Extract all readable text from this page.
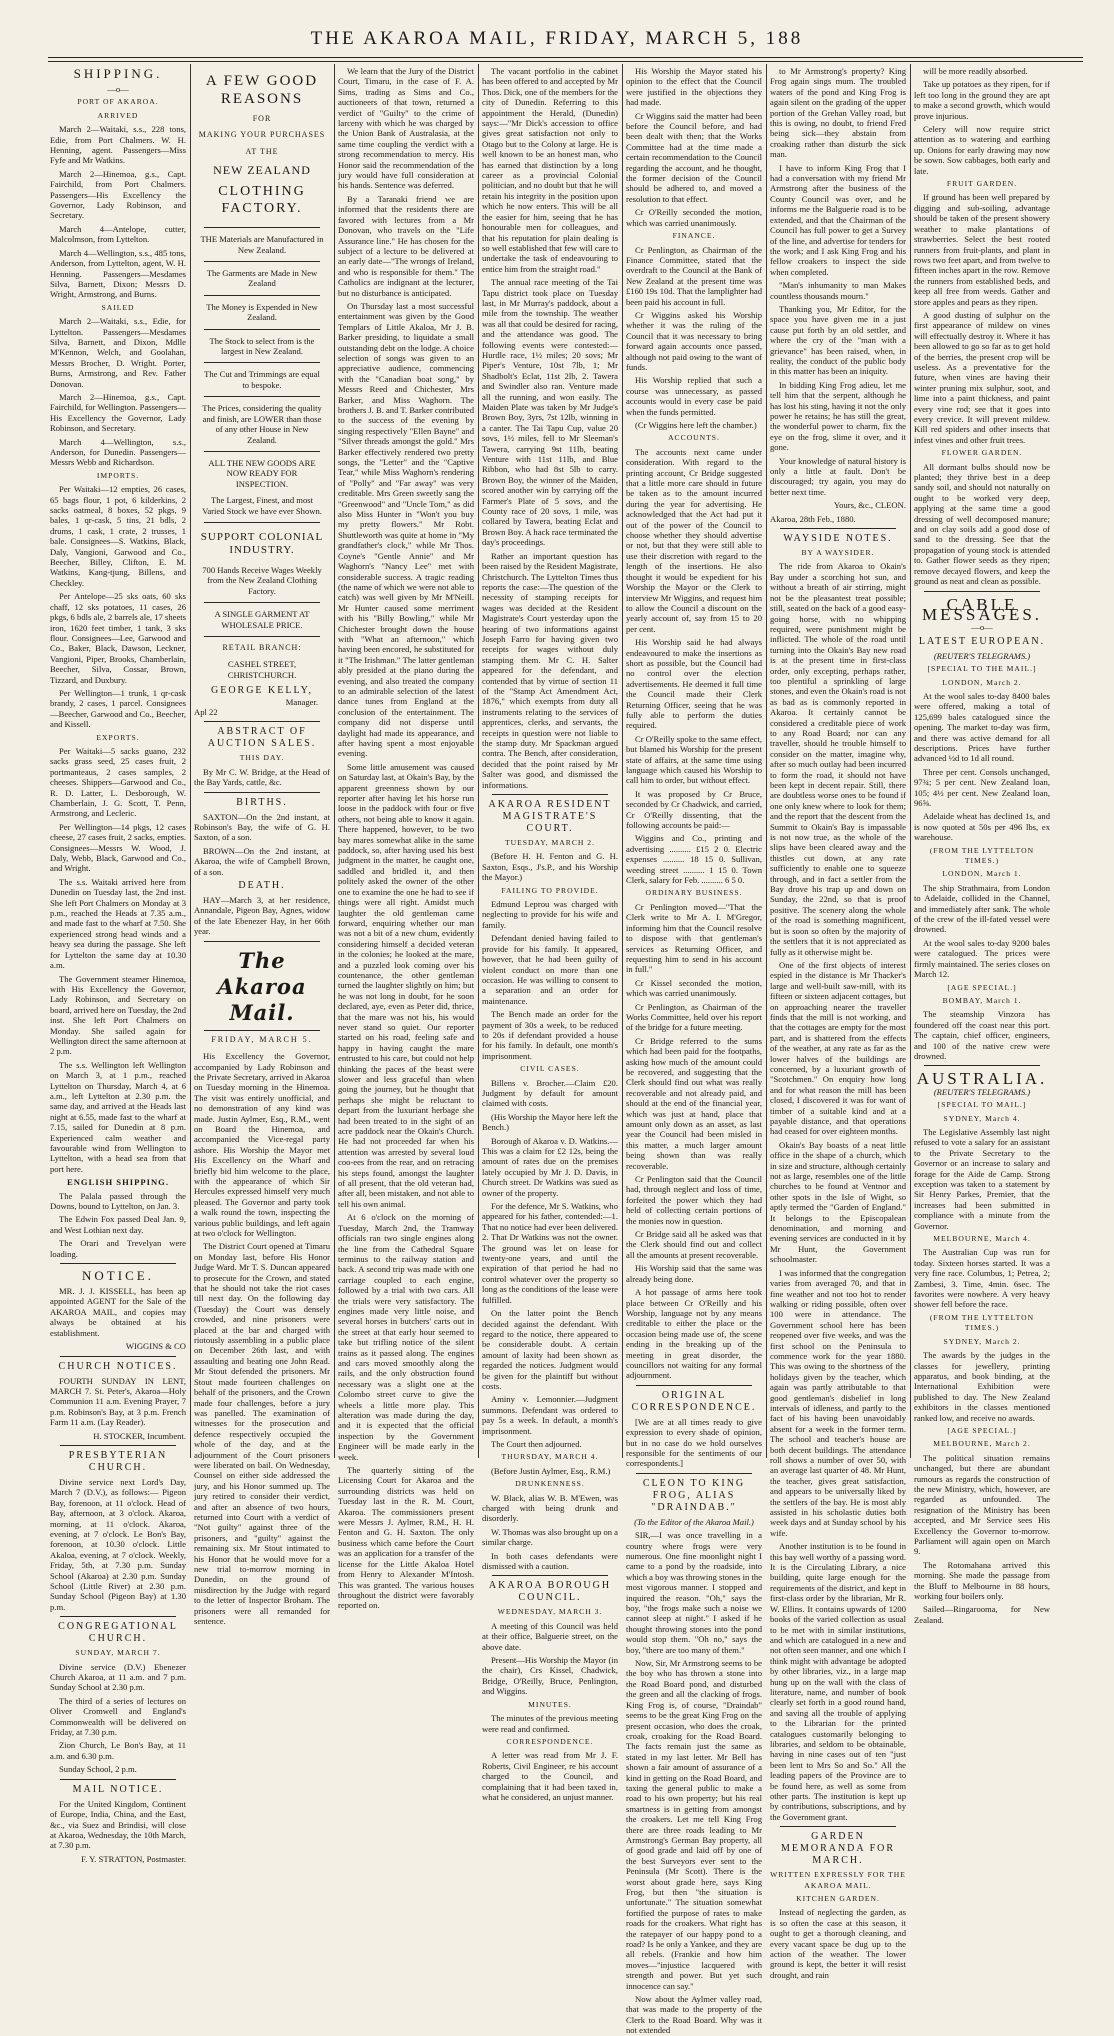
THE AKAROA MAIL, FRIDAY, MARCH 5, 188

SHIPPING.

—o—

PORT OF AKAROA.

ARRIVED

March 2—Waitaki, s.s., 228 tons, Edie, from Port Chalmers. W. H. Henning, agent. Passengers—Miss Fyfe and Mr Watkins.

March 2—Hinemoa, g.s., Capt. Fairchild, from Port Chalmers. Passengers—His Excellency the Governor, Lady Robinson, and Secretary.

March 4—Antelope, cutter, Malcolmson, from Lyttelton.

March 4—Wellington, s.s., 485 tons, Anderson, from Lyttelton, agent, W. H. Henning. Passengers—Mesdames Silva, Barnett, Dixon; Messrs D. Wright, Armstrong, and Burns.

SAILED

March 2—Waitaki, s.s., Edie, for Lyttelton. Passengers—Mesdames Silva, Barnett, and Dixon, Mdlle M'Kennon, Welch, and Goolahan, Messrs Brocher, D. Wright. Porter, Burns, Armstrong, and Rev. Father Donovan.

March 2—Hinemoa, g.s., Capt. Fairchild, for Wellington. Passengers—His Excellency the Governor, Lady Robinson, and Secretary.

March 4—Wellington, s.s., Anderson, for Dunedin. Passengers—Messrs Webb and Richardson.

IMPORTS.

Per Waitaki—12 empties, 26 cases, 65 bags flour, 1 pot, 6 kilderkins, 2 sacks oatmeal, 8 boxes, 52 pkgs, 9 bales, 1 qr-cask, 5 tins, 21 bdls, 2 drums, 1 cask, 1 crate, 2 trusses, 1 bale. Consignees—S. Watkins, Black, Daly, Vangioni, Garwood and Co., Beecher, Billey, Clifton, E. M. Watkins, Kang-tjung, Billens, and Checkley.

Per Antelope—25 sks oats, 60 sks chaff, 12 sks potatoes, 11 cases, 26 pkgs, 6 bdls ale, 2 barrels ale, 17 sheets iron, 1620 feet timber, 1 tank, 3 sks flour. Consignees—Lee, Garwood and Co., Baker, Black, Dawson, Leckner, Vangioni, Piper, Brooks, Chamberlain, Beecher, Silva, Cossar, Brown, Tizzard, and Duxbury.

Per Wellington—1 trunk, 1 qr-cask brandy, 2 cases, 1 parcel. Consignees—Beecher, Garwood and Co., Beecher, and Kissell.

EXPORTS.

Per Waitaki—5 sacks guano, 232 sacks grass seed, 25 cases fruit, 2 portmanteaus, 2 cases samples, 2 cheeses. Shippers—Garwood and Co., R. D. Latter, L. Desborough, W. Chamberlain, J. G. Scott, T. Penn, Armstrong, and Lecleric.

Per Wellington—14 pkgs, 12 cases cheese, 27 cases fruit, 2 sacks, empties. Consignees—Messrs W. Wood, J. Daly, Webb, Black, Garwood and Co., and Wright.

The s.s. Waitaki arrived here from Dunedin on Tuesday last, the 2nd inst. She left Port Chalmers on Monday at 3 p.m., reached the Heads at 7.35 a.m., and made fast to the wharf at 7.50. She experienced strong head winds and a heavy sea during the passage. She left for Lyttelton the same day at 10.30 a.m.

The Government steamer Hinemoa, with His Excellency the Governor, Lady Robinson, and Secretary on board, arrived here on Tuesday, the 2nd inst. She left Port Chalmers on Monday. She sailed again for Wellington direct the same afternoon at 2 p.m.

The s.s. Wellington left Wellington on March 3, at 1 p.m., reached Lyttelton on Thursday, March 4, at 6 a.m., left Lyttelton at 2.30 p.m. the same day, and arrived at the Heads last night at 6.55, made fast to the wharf at 7.15, sailed for Dunedin at 8 p.m. Experienced calm weather and favourable wind from Wellington to Lyttelton, with a head sea from that port here.

ENGLISH SHIPPING.

The Palala passed through the Downs, bound to Lyttelton, on Jan. 3.

The Edwin Fox passed Deal Jan. 9, and West Lothian next day.

The Orari and Trevelyan were loading.

NOTICE.

MR. J. J. KISSELL, has been ap appointed AGENT for the Sale of the AKAROA MAIL, and copies may always be obtained at his establishment.

WIGGINS & CO

CHURCH NOTICES.

FOURTH SUNDAY IN LENT, MARCH 7. St. Peter's, Akaroa—Holy Communion 11 a.m. Evening Prayer, 7 p.m. Robinson's Bay, at 3 p.m. French Farm 11 a.m. (Lay Reader).

H. STOCKER, Incumbent.

PRESBYTERIAN CHURCH.

Divine service next Lord's Day, March 7 (D.V.), as follows:— Pigeon Bay, forenoon, at 11 o'clock. Head of Bay, afternoon, at 3 o'clock. Akaroa, morning, at 11 o'clock. Akaroa, evening, at 7 o'clock. Le Bon's Bay, forenoon, at 10.30 o'clock. Little Akaloa, evening, at 7 o'clock. Weekly, Friday, 5th, at 7.30 p.m. Sunday School (Akaroa) at 2.30 p.m. Sunday School (Little River) at 2.30 p.m. Sunday School (Pigeon Bay) at 1.30 p.m.

CONGREGATIONAL CHURCH.

SUNDAY, MARCH 7.

Divine service (D.V.) Ebenezer Church Akaroa, at 11 a.m. and 7 p.m. Sunday School at 2.30 p.m.

The third of a series of lectures on Oliver Cromwell and England's Commonwealth will be delivered on Friday, at 7.30 p.m.

Zion Church, Le Bon's Bay, at 11 a.m. and 6.30 p.m.

Sunday School, 2 p.m.

MAIL NOTICE.

For the United Kingdom, Continent of Europe, India, China, and the East, &c., via Suez and Brindisi, will close at Akaroa, Wednesday, the 10th March, at 7.30 p.m.

F. Y. STRATTON, Postmaster.

A FEW GOOD REASONS
FOR
MAKING YOUR PURCHASES
AT THE
NEW ZEALAND
CLOTHING FACTORY.
THE Materials are Manufactured in New Zealand.
The Garments are Made in New Zealand
The Money is Expended in New Zealand.
The Stock to select from is the largest in New Zealand.
The Cut and Trimmings are equal to bespoke.
The Prices, considering the quality and finish, are LOWER than those of any other House in New Zealand.
ALL THE NEW GOODS ARE NOW READY FOR INSPECTION.
The Largest, Finest, and most Varied Stock we have ever Shown.
SUPPORT COLONIAL INDUSTRY.
700 Hands Receive Wages Weekly from the New Zealand Clothing Factory.
A SINGLE GARMENT AT WHOLESALE PRICE.
RETAIL BRANCH:
CASHEL STREET, CHRISTCHURCH.
GEORGE KELLY,
Manager.

Apl 22

ABSTRACT OF AUCTION SALES.

THIS DAY.

By Mr C. W. Bridge, at the Head of the Bay Yards, cattle, &c.

BIRTHS.

SAXTON—On the 2nd instant, at Robinson's Bay, the wife of G. H. Saxton, of a son.

BROWN—On the 2nd instant, at Akaroa, the wife of Campbell Brown, of a son.

DEATH.

HAY—March 3, at her residence, Annandale, Pigeon Bay, Agnes, widow of the late Ebenezer Hay, in her 66th year.

The Akaroa Mail.
FRIDAY, MARCH 5.

His Excellency the Governor, accompanied by Lady Robinson and the Private Secretary, arrived in Akaroa on Tuesday morning in the Hinemoa. The visit was entirely unofficial, and no demonstration of any kind was made. Justin Aylmer, Esq., R.M., went on Board the Hinemoa, and accompanied the Vice-regal party ashore. His Worship the Mayor met His Excellency on the Wharf and briefly bid him welcome to the place, with the appearance of which Sir Hercules expressed himself very much pleased. The Governor and party took a walk round the town, inspecting the various public buildings, and left again at two o'clock for Wellington.

The District Court opened at Timaru on Monday last, before His Honor Judge Ward. Mr T. S. Duncan appeared to prosecute for the Crown, and stated that he should not take the riot cases till next day. On the following day (Tuesday) the Court was densely crowded, and nine prisoners were placed at the bar and charged with riotously assembling in a public place on December 26th last, and with assaulting and beating one John Read. Mr Stout defended the prisoners. Mr Stout made fourteen challenges on behalf of the prisoners, and the Crown made four challenges, before a jury was panelled. The examination of witnesses for the prosecution and defence respectively occupied the whole of the day, and at the adjournment of the Court prisoners were liberated on bail. On Wednesday, Counsel on either side addressed the jury, and his Honor summed up. The jury retired to consider their verdict, and after an absence of two hours, returned into Court with a verdict of "Not guilty" against three of the prisoners, and "guilty" against the remaining six. Mr Stout intimated to his Honor that he would move for a new trial to-morrow morning in Dunedin, on the ground of misdirection by the Judge with regard to the letter of Inspector Broham. The prisoners were all remanded for sentence.

We learn that the Jury of the District Court, Timaru, in the case of F. A. Sims, trading as Sims and Co., auctioneers of that town, returned a verdict of "Guilty" to the crime of larceny with which he was charged by the Union Bank of Australasia, at the same time coupling the verdict with a strong recommendation to mercy. His Honor said the recommendation of the jury would have full consideration at his hands. Sentence was deferred.

By a Taranaki friend we are informed that the residents there are favored with lectures from a Mr Donovan, who travels on the "Life Assurance line." He has chosen for the subject of a lecture to be delivered at an early date—"The wrongs of Ireland, and who is responsible for them." The Catholics are indignant at the lecturer, but no disturbance is anticipated.

On Thursday last a most successful entertainment was given by the Good Templars of Little Akaloa, Mr J. B. Barker presiding, to liquidate a small outstanding debt on the lodge. A choice selection of songs was given to an appreciative audience, commencing with the "Canadian boat song," by Messrs Reed and Chichester, Mrs Barker, and Miss Waghorn. The brothers J. B. and T. Barker contributed to the success of the evening by singing respectively "Ellen Bayne" and "Silver threads amongst the gold." Mrs Barker effectively rendered two pretty songs, the "Letter" and the "Captive Tear," while Miss Waghorn's rendering of "Polly" and "Far away" was very creditable. Mrs Green sweetly sang the "Greenwood" and "Uncle Tom," as did also Miss Hunter in "Won't you buy my pretty flowers." Mr Robt. Shuttleworth was quite at home in "My grandfather's clock," while Mr Thos. Coyne's "Gentle Annie" and Mr Waghorn's "Nancy Lee" met with considerable success. A tragic reading (the name of which we were not able to catch) was well given by Mr M'Neill. Mr Hunter caused some merriment with his "Billy Bowling," while Mr Chichester brought down the house with "What an afternoon," which having been encored, he substituted for it "The Irishman." The latter gentleman ably presided at the piano during the evening, and also treated the company to an admirable selection of the latest dance tunes from England at the conclusion of the entertainment. The company did not disperse until daylight had made its appearance, and after having spent a most enjoyable evening.

Some little amusement was caused on Saturday last, at Okain's Bay, by the apparent greenness shown by our reporter after having let his horse run loose in the paddock with four or five others, not being able to know it again. There happened, however, to be two bay mares somewhat alike in the same paddock, so, after having used his best judgment in the matter, he caught one, saddled and bridled it, and then politely asked the owner of the other one to examine the one he had to see if things were all right. Amidst much laughter the old gentleman came forward, enquiring whether our man was not a bit of a new chum, evidently considering himself a decided veteran in the colonies; he looked at the mare, and a puzzled look coming over his countenance, the other gentleman turned the laughter slightly on him; but he was not long in doubt, for he soon declared, aye, even as Peter did, thrice, that the mare was not his, his would never stand so quiet. Our reporter started on his road, feeling safe and happy in having caught the mare entrusted to his care, but could not help thinking the paces of the beast were slower and less graceful than when going the journey, but he thought that perhaps she might be reluctant to depart from the luxuriant herbage she had been treated to in the sight of an acre paddock near the Okain's Church. He had not proceeded far when his attention was arrested by several loud coo-ees from the rear, and on retracing his steps found, amongst the laughter of all present, that the old veteran had, after all, been mistaken, and not able to tell his own animal.

At 6 o'clock on the morning of Tuesday, March 2nd, the Tramway officials ran two single engines along the line from the Cathedral Square terminus to the railway station and back. A second trip was made with one carriage coupled to each engine, followed by a trial with two cars. All the trials were very satisfactory. The engines made very little noise, and several horses in butchers' carts out in the street at that early hour seemed to take but trifling notice of the silent trains as it passed along. The engines and cars moved smoothly along the rails, and the only obstruction found necessary was a slight one at the Colombo street curve to give the wheels a little more play. This alteration was made during the day, and it is expected that the official inspection by the Government Engineer will be made early in the week.

The quarterly sitting of the Licensing Court for Akaroa and the surrounding districts was held on Tuesday last in the R. M. Court, Akaroa. The commissioners present were Messrs J. Aylmer, R.M., H. H. Fenton and G. H. Saxton. The only business which came before the Court was an application for a transfer of the license for the Little Akaloa Hotel from Henry to Alexander M'Intosh. This was granted. The various houses throughout the district were favorably reported on.

The vacant portfolio in the cabinet has been offered to and accepted by Mr Thos. Dick, one of the members for the city of Dunedin. Referring to this appointment the Herald, (Dunedin) says:—"Mr Dick's accession to office gives great satisfaction not only to Otago but to the Colony at large. He is well known to be an honest man, who has earned that distinction by a long career as a provincial Colonial politician, and no doubt but that he will retain his integrity in the position upon which he now enters. This will be all the easier for him, seeing that he has honourable men for colleagues, and that his reputation for plain dealing is so well established that few will care to undertake the task of endeavouring to entice him from the straight road."

The annual race meeting of the Tai Tapu district took place on Tuesday last, in Mr Murray's paddock, about a mile from the township. The weather was all that could be desired for racing, and the attendance was good. The following events were contested:—Hurdle race, 1½ miles; 20 sovs; Mr Piper's Venture, 10st 7lb, 1; Mr Shadbolt's Eclat, 11st 2lb, 2. Tawera and Swindler also ran. Venture made all the running, and won easily. The Maiden Plate was taken by Mr Judge's Brown Boy, 3yrs, 7st 12lb, winning in a canter. The Tai Tapu Cup, value 20 sovs, 1½ miles, fell to Mr Sleeman's Tawera, carrying 9st 11lb, beating Venture with 11st 11lb, and Blue Ribbon, who had 8st 5lb to carry. Brown Boy, the winner of the Maiden, scored another win by carrying off the Farmer's Plate of 5 sovs, and the County race of 20 sovs, 1 mile, was collared by Tawera, beating Eclat and Brown Boy. A hack race terminated the day's proceedings.

Rather an important question has been raised by the Resident Magistrate, Christchurch. The Lyttelton Times thus reports the case:—The question of the necessity of stamping receipts for wages was decided at the Resident Magistrate's Court yesterday upon the hearing of two informations against Joseph Farro for having given two receipts for wages without duly stamping them. Mr C. H. Salter appeared for the defendant, and contended that by virtue of section 11 of the "Stamp Act Amendment Act, 1876," which exempts from duty all instruments relating to the services of apprentices, clerks, and servants, the receipts in question were not liable to the stamp duty. Mr Spackman argued contra. The Bench, after consideration, decided that the point raised by Mr Salter was good, and dismissed the informations.

AKAROA RESIDENT MAGISTRATE'S COURT.

TUESDAY, MARCH 2.

(Before H. H. Fenton and G. H. Saxton, Esqs., J's.P., and his Worship the Mayor.)

FAILING TO PROVIDE.

Edmund Leprou was charged with neglecting to provide for his wife and family.

Defendant denied having failed to provide for his family. It appeared, however, that he had been guilty of violent conduct on more than one occasion. He was willing to consent to a separation and an order for maintenance.

The Bench made an order for the payment of 30s a week, to be reduced to 20s if defendant provided a house for his family. In default, one month's imprisonment.

CIVIL CASES.

Billens v. Brocher.—Claim £20. Judgment by default for amount claimed with costs.

(His Worship the Mayor here left the Bench.)

Borough of Akaroa v. D. Watkins.—This was a claim for £2 12s, being the amount of rates due on the premises lately occupied by Mr J. D. Davis, in Church street. Dr Watkins was sued as owner of the property.

For the defence, Mr S. Watkins, who appeared for his father, contended:—1. That no notice had ever been delivered. 2. That Dr Watkins was not the owner. The ground was let on lease for twenty-one years, and until the expiration of that period he had no control whatever over the property so long as the conditions of the lease were fulfilled.

On the latter point the Bench decided against the defendant. With regard to the notice, there appeared to be considerable doubt. A certain amount of laxity had been shown as regarded the notices. Judgment would be given for the plaintiff but without costs.

Aminy v. Lemonnier.—Judgment summons. Defendant was ordered to pay 5s a week. In default, a month's imprisonment.

The Court then adjourned.

THURSDAY, MARCH 4.

(Before Justin Aylmer, Esq., R.M.)

DRUNKENNESS.

W. Black, alias W. B. M'Ewen, was charged with being drunk and disorderly.

W. Thomas was also brought up on a similar charge.

In both cases defendants were dismissed with a caution.

AKAROA BOROUGH COUNCIL.

WEDNESDAY, MARCH 3.

A meeting of this Council was held at their office, Balguerie street, on the above date.

Present—His Worship the Mayor (in the chair), Crs Kissel, Chadwick, Bridge, O'Reilly, Bruce, Penlington, and Wiggins.

MINUTES.

The minutes of the previous meeting were read and confirmed.

CORRESPONDENCE.

A letter was read from Mr J. F. Roberts, Civil Engineer, re his account charged to the Council, and complaining that it had been taxed in, what he considered, an unjust manner.

His Worship the Mayor stated his opinion to the effect that the Council were justified in the objections they had made.

Cr Wiggins said the matter had been before the Council before, and had been dealt with then; that the Works Committee had at the time made a certain recommendation to the Council regarding the account, and he thought, the former decision of the Council should be adhered to, and moved a resolution to that effect.

Cr O'Reilly seconded the motion, which was carried unanimously.

FINANCE.

Cr Penlington, as Chairman of the Finance Committee, stated that the overdraft to the Council at the Bank of New Zealand at the present time was £160 19s 10d. That the lamplighter had been paid his account in full.

Cr Wiggins asked his Worship whether it was the ruling of the Council that it was necessary to bring forward again accounts once passed, although not paid owing to the want of funds.

His Worship replied that such a course was unnecessary, as passed accounts would in every case be paid when the funds permitted.

(Cr Wiggins here left the chamber.)

ACCOUNTS.

The accounts next came under consideration. With regard to the printing account, Cr Bridge suggested that a little more care should in future be taken as to the amount incurred during the year for advertising. He acknowledged that the Act had put it out of the power of the Council to choose whether they should advertise or not, but that they were still able to use their discretion with regard to the length of the insertions. He also thought it would be expedient for his Worship the Mayor or the Clerk to interview Mr Wiggins, and request him to allow the Council a discount on the yearly account of, say from 15 to 20 per cent.

His Worship said he had always endeavoured to make the insertions as short as possible, but the Council had no control over the election advertisements. He deemed it full time the Council made their Clerk Returning Officer, seeing that he was fully able to perform the duties required.

Cr O'Reilly spoke to the same effect, but blamed his Worship for the present state of affairs, at the same time using language which caused his Worship to call him to order, but without effect.

It was proposed by Cr Bruce, seconded by Cr Chadwick, and carried, Cr O'Reilly dissenting, that the following accounts be paid:—

Wiggins and Co., printing and advertising .......... £15 2 0. Electric expenses .......... 18 15 0. Sullivan, weeding street .......... 1 15 0. Town Clerk, salary for Feb. .......... 6 5 0.

ORDINARY BUSINESS.

Cr Penlington moved—"That the Clerk write to Mr A. I. M'Gregor, informing him that the Council resolve to dispose with that gentleman's services as Returning Officer, and requesting him to send in his account in full."

Cr Kissel seconded the motion, which was carried unanimously.

Cr Penlington, as Chairman of the Works Committee, held over his report of the bridge for a future meeting.

Cr Bridge referred to the sums which had been paid for the footpaths, asking how much of the amount could be recovered, and suggesting that the Clerk should find out what was really recoverable and not already paid, and should at the end of the financial year, which was just at hand, place that amount only down as an asset, as last year the Council had been misled in this matter, a much larger amount being shown than was really recoverable.

Cr Penlington said that the Council had, through neglect and loss of time, forfeited the power which they had held of collecting certain portions of the monies now in question.

Cr Bridge said all he asked was that the Clerk should find out and collect all the amounts at present recoverable.

His Worship said that the same was already being done.

A hot passage of arms here took place between Cr O'Reilly and his Worship, language not by any means creditable to either the place or the occasion being made use of, the scene ending in the breaking up of the meeting in great disorder, the councillors not waiting for any formal adjournment.

ORIGINAL CORRESPONDENCE.

[We are at all times ready to give expression to every shade of opinion, but in no case do we hold ourselves responsible for the sentiments of our correspondents.]

CLEON TO KING FROG, ALIAS "DRAINDAB."

(To the Editor of the Akaroa Mail.)

SIR,—I was once travelling in a country where frogs were very numerous. One fine moonlight night I came to a pond by the roadside, into which a boy was throwing stones in the most vigorous manner. I stopped and inquired the reason. "Oh," says the boy, "the frogs make such a noise we cannot sleep at night." I asked if he thought throwing stones into the pond would stop them. "Oh no," says the boy, "there are too many of them."

Now, Sir, Mr Armstrong seems to be the boy who has thrown a stone into the Road Board pond, and disturbed the green and all the clacking of frogs. King Frog is, of course, "Draindab" seems to be the great King Frog on the present occasion, who does the croak, croak, croaking for the Road Board. The facts remain just the same as stated in my last letter. Mr Bell has shown a fair amount of assurance of a kind in getting on the Road Board, and taxing the general public to make a road to his own property; but his real smartness is in getting from amongst the croakers. Let me tell King Frog there are three roads leading to Mr Armstrong's German Bay property, all of good grade and laid off by one of the best Surveyors ever sent to the Peninsula (Mr Scott). There is the worst about grade here, says King Frog, but then "the situation is unfortunate." The situation somewhat fortified the purpose of rates to make roads for the croakers. What right has the ratepayer of our happy pond to a road? Is he only a Yankee, and they are all rebels. (Frankie and how him moves—"injustice lacquered with strength and power. But yet such innocence can say."

Now about the Aylmer valley road, that was made to the property of the Clerk to the Road Board. Why was it not extended

to Mr Armstrong's property? King Frog again sings mum. The troubled waters of the pond and King Frog is again silent on the grading of the upper portion of the Grehan Valley road, but this is owing, no doubt, to friend Fred being sick—they abstain from croaking rather than disturb the sick man.

I have to inform King Frog that I had a conversation with my friend Mr Armstrong after the business of the County Council was over, and he informs me the Balguerie road is to be extended, and that the Chairman of the Council has full power to get a Survey of the line, and advertise for tenders for the work; and I ask King Frog and his fellow croakers to inspect the side when completed.

"Man's inhumanity to man Makes countless thousands mourn."

Thanking you, Mr Editor, for the space you have given me in a just cause put forth by an old settler, and where the cry of the "man with a grievance" has been raised, when, in reality, the conduct of the public body in this matter has been an iniquity.

In bidding King Frog adieu, let me tell him that the serpent, although he has lost his sting, having it not the only power he retains; he has still the great, the wonderful power to charm, fix the eye on the frog, slime it over, and it gone.

Your knowledge of natural history is only a little at fault. Don't be discouraged; try again, you may do better next time.

Yours, &c., CLEON.

Akaroa, 28th Feb., 1880.

WAYSIDE NOTES.

BY A WAYSIDER.

The ride from Akaroa to Okain's Bay under a scorching hot sun, and without a breath of air stirring, might not be the pleasantest treat possible; still, seated on the back of a good easy-going horse, with no whipping required, were punishment might be inflicted. The whole of the road until turning into the Okain's Bay new road is at the present time in first-class order, only excepting, perhaps rather, too plentiful a sprinkling of large stones, and even the Okain's road is not as bad as is commonly reported in Akaroa. It certainly cannot be considered a creditable piece of work to any Road Board; nor can any traveller, should he trouble himself to consider on the matter, imagine why, after so much outlay had been incurred to form the road, it should not have been kept in decent repair. Still, there are doubtless worse ones to be found if one only knew where to look for them; and the report that the descent from the Summit to Okain's Bay is impassable is not now true, as the whole of the slips have been cleared away and the thistles cut down, at any rate sufficiently to enable one to squeeze through, and in fact a settler from the Bay drove his trap up and down on Sunday, the 22nd, so that is proof positive. The scenery along the whole of the road is something magnificent, but is soon so often by the majority of the settlers that it is not appreciated as fully as it otherwise might be.

One of the first objects of interest espied in the distance is Mr Thacker's large and well-built saw-mill, with its fifteen or sixteen adjacent cottages, but on approaching nearer the traveller finds that the mill is not working, and that the cottages are empty for the most part, and is shattered from the effects of the weather, at any rate as far as the lower halves of the buildings are concerned, by a luxuriant growth of "Scotchmen." On enquiry how long and for what reason the mill has been closed, I discovered it was for want of timber of a suitable kind and at a payable distance, and that operations had ceased for over eighteen months.

Okain's Bay boasts of a neat little office in the shape of a church, which in size and structure, although certainly not as large, resembles one of the little churches to be found at Ventnor and other spots in the Isle of Wight, so aptly termed the "Garden of England." It belongs to the Episcopalean denomination, and morning and evening services are conducted in it by Mr Hunt, the Government schoolmaster.

I was informed that the congregation varies from averaged 70, and that in fine weather and not too hot to render walking or riding possible, often over 100 were in attendance. The Government school here has been reopened over five weeks, and was the first school on the Peninsula to commence work for the year 1880. This was owing to the shortness of the holidays given by the teacher, which again was partly attributable to that good gentleman's disbelief in long intervals of idleness, and partly to the fact of his having been unavoidably absent for a week in the former term. The school and teacher's house are both decent buildings. The attendance roll shows a number of over 50, with an average last quarter of 48. Mr Hunt, the teacher, gives great satisfaction, and appears to be universally liked by the settlers of the bay. He is most ably assisted in his scholastic duties both week days and at Sunday school by his wife.

Another institution is to be found in this bay well worthy of a passing word. It is the Circulating Library, a nice building, quite large enough for the requirements of the district, and kept in first-class order by the librarian, Mr R. W. Ellins. It contains upwards of 1200 books of the varied collection as usual to be met with in similar institutions, and which are catalogued in a new and not often seen manner, and one which I think might with advantage be adopted by other libraries, viz., in a large map hung up on the wall with the class of literature, name, and number of book clearly set forth in a good round hand, and saving all the trouble of applying to the Librarian for the printed catalogues customarily belonging to libraries, and seldom to be obtainable, having in nine cases out of ten "just been lent to Mrs So and So." All the leading papers of the Province are to be found here, as well as some from other parts. The institution is kept up by contributions, subscriptions, and by the Government grant.

GARDEN MEMORANDA FOR MARCH.

WRITTEN EXPRESSLY FOR THE AKAROA MAIL.

KITCHEN GARDEN.

Instead of neglecting the garden, as is so often the case at this season, it ought to get a thorough cleaning, and every vacant space be dug up to the action of the weather. The lower ground is kept, the better it will resist drought, and rain

will be more readily absorbed.

Take up potatoes as they ripen, for if left too long in the ground they are apt to make a second growth, which would prove injurious.

Celery will now require strict attention as to watering and earthing up. Onions for early drawing may now be sown. Sow cabbages, both early and late.

FRUIT GARDEN.

If ground has been well prepared by digging and sub-soiling, advantage should be taken of the present showery weather to make plantations of strawberries. Select the best rooted runners from fruit-plants, and plant in rows two feet apart, and from twelve to fifteen inches apart in the row. Remove the runners from established beds, and keep all free from weeds. Gather and store apples and pears as they ripen.

A good dusting of sulphur on the first appearance of mildew on vines will effectually destroy it. Where it has been allowed to go so far as to get hold of the berries, the present crop will be useless. As a preventative for the future, when vines are having their winter pruning mix sulphur, soot, and lime into a paint thickness, and paint every vine rod; see that it goes into every crevice. It will prevent mildew. Kill red spiders and other insects that infest vines and other fruit trees.

FLOWER GARDEN.

All dormant bulbs should now be planted; they thrive best in a deep sandy soil, and should not naturally on ought to be worked very deep, applying at the same time a good dressing of well decomposed manure; and on clay soils add a good dose of sand to the dressing. See that the propagation of young stock is attended to. Gather flower seeds as they ripen; remove decayed flowers, and keep the ground as neat and clean as possible.

CABLE MESSAGES.

—o—

LATEST EUROPEAN.

(REUTER'S TELEGRAMS.)

[SPECIAL TO THE MAIL.]

LONDON, March 2.

At the wool sales to-day 8400 bales were offered, making a total of 125,699 bales catalogued since the opening. The market to-day was firm, and there was active demand for all descriptions. Prices have further advanced ½d to 1d all round.

Three per cent. Consols unchanged, 97¾; 5 per cent. New Zealand loan, 105; 4½ per cent. New Zealand loan, 96⅝.

Adelaide wheat has declined 1s, and is now quoted at 50s per 496 lbs, ex warehouse.

(FROM THE LYTTELTON TIMES.)

LONDON, March 1.

The ship Strathmaira, from London to Adelaide, collided in the Channel, and immediately after sank. The whole of the crew of the ill-fated vessel were drowned.

At the wool sales to-day 9200 bales were catalogued. The prices were firmly maintained. The series closes on March 12.

[AGE SPECIAL.]

BOMBAY, March 1.

The steamship Vinzora has foundered off the coast near this port. The captain, chief officer, engineers, and 100 of the native crew were drowned.

AUSTRALIA.

(REUTER'S TELEGRAMS.)

[SPECIAL TO MAIL.]

SYDNEY, March 4.

The Legislative Assembly last night refused to vote a salary for an assistant to the Private Secretary to the Governor or an increase to salary and forage for the Aide de Camp. Strong exception was taken to a statement by Sir Henry Parkes, Premier, that the increases had been submitted in compliance with a minute from the Governor.

MELBOURNE, March 4.

The Australian Cup was run for today. Sixteen horses started. It was a very fine race. Columbus, 1; Petrea, 2; Zambesi, 3. Time, 4min. 6sec. The favorites were nowhere. A very heavy shower fell before the race.

(FROM THE LYTTELTON TIMES.)

SYDNEY, March 2.

The awards by the judges in the classes for jewellery, printing apparatus, and book binding, at the International Exhibition were published to day. The New Zealand exhibitors in the classes mentioned ranked low, and receive no awards.

[AGE SPECIAL.]

MELBOURNE, March 2.

The political situation remains unchanged, but there are abundant rumours as regards the construction of the new Ministry, which, however, are regarded as unfounded. The resignation of the Ministry has been accepted, and Mr Service sees His Excellency the Governor to-morrow. Parliament will again open on March 9.

The Rotomahana arrived this morning. She made the passage from the Bluff to Melbourne in 88 hours, working four boilers only.

Sailed—Ringarooma, for New Zealand.
